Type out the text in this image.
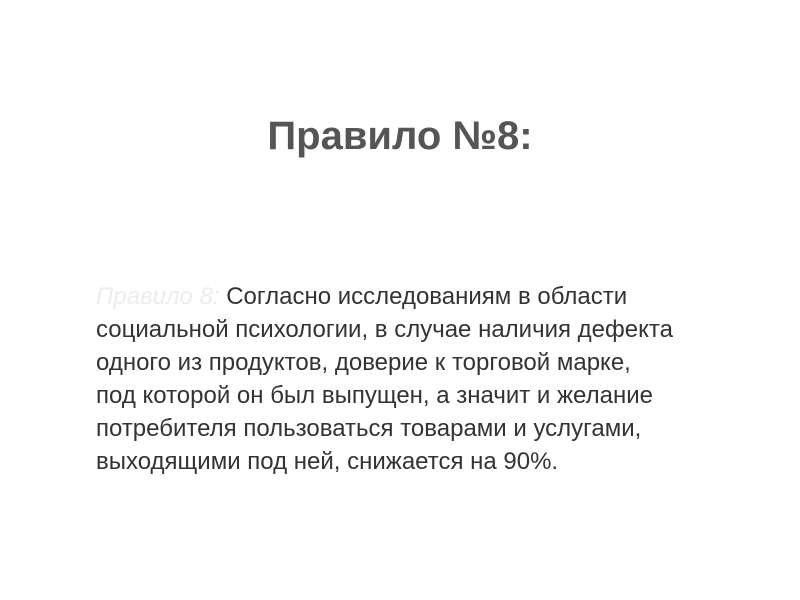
Правило №8:
Правило 8: Согласно исследованиям в области
социальной психологии, в случае наличия дефекта
одного из продуктов, доверие к торговой марке,
под которой он был выпущен, а значит и желание
потребителя пользоваться товарами и услугами,
выходящими под ней, снижается на 90%.
